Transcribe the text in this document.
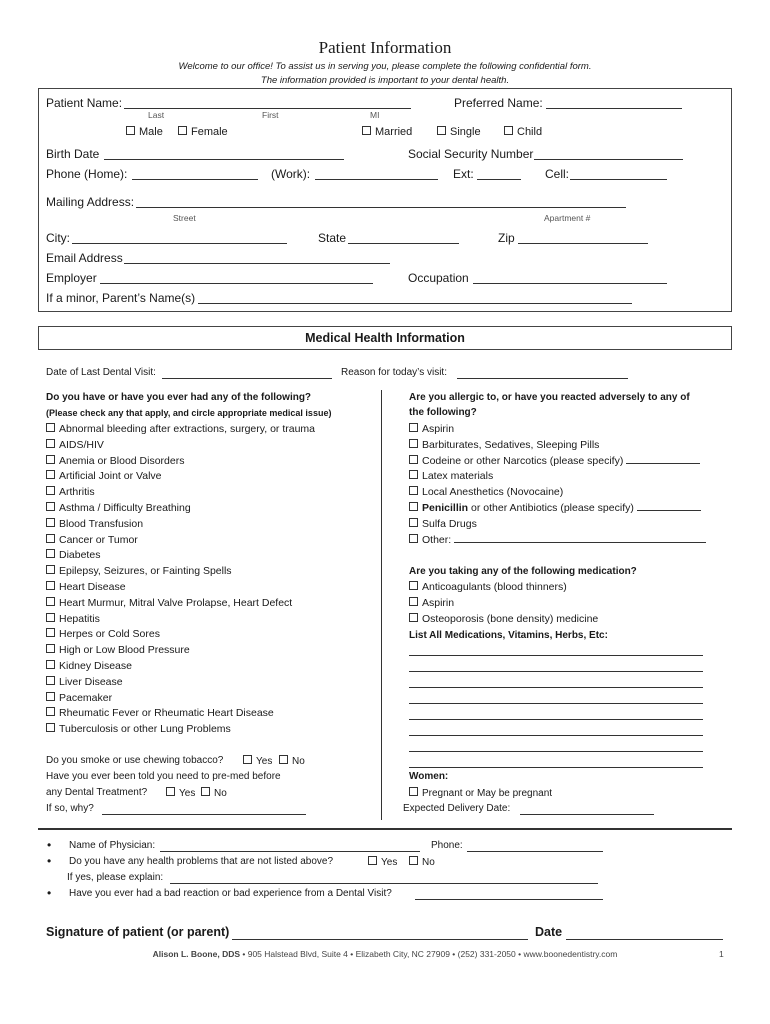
Patient Information
Welcome to our office! To assist us in serving you, please complete the following confidential form.
The information provided is important to your dental health.
Patient Name:
Last	First	MI
Preferred Name:
Male	Female	Married	Single	Child
Birth Date	Social Security Number
Phone (Home):	(Work):	Ext:	Cell:
Mailing Address:
Street	Apartment #
City:	State	Zip
Email Address
Employer	Occupation
If a minor, Parent’s Name(s)
Medical Health Information
Date of Last Dental Visit:	Reason for today’s visit:
Do you have or have you ever had any of the following?
(Please check any that apply, and circle appropriate medical issue)
Abnormal bleeding after extractions, surgery, or trauma
AIDS/HIV
Anemia or Blood Disorders
Artificial Joint or Valve
Arthritis
Asthma / Difficulty Breathing
Blood Transfusion
Cancer or Tumor
Diabetes
Epilepsy, Seizures, or Fainting Spells
Heart Disease
Heart Murmur, Mitral Valve Prolapse, Heart Defect
Hepatitis
Herpes or Cold Sores
High or Low Blood Pressure
Kidney Disease
Liver Disease
Pacemaker
Rheumatic Fever or Rheumatic Heart Disease
Tuberculosis or other Lung Problems
Do you smoke or use chewing tobacco?	Yes	No
Have you ever been told you need to pre-med before
any Dental Treatment?	Yes	No
If so, why?
Are you allergic to, or have you reacted adversely to any of
the following?
Aspirin
Barbiturates, Sedatives, Sleeping Pills
Codeine or other Narcotics (please specify)
Latex materials
Local Anesthetics (Novocaine)
Penicillin or other Antibiotics (please specify)
Sulfa Drugs
Other:
Are you taking any of the following medication?
Anticoagulants (blood thinners)
Aspirin
Osteoporosis (bone density) medicine
List All Medications, Vitamins, Herbs, Etc:
Women:
Pregnant or May be pregnant
Expected Delivery Date:
• Name of Physician:	Phone:
• Do you have any health problems that are not listed above?	Yes	No
If yes, please explain:
• Have you ever had a bad reaction or bad experience from a Dental Visit?
Signature of patient (or parent)	Date
Alison L. Boone, DDS • 905 Halstead Blvd, Suite 4 • Elizabeth City, NC 27909 • (252) 331-2050 • www.boonedentistry.com	1
